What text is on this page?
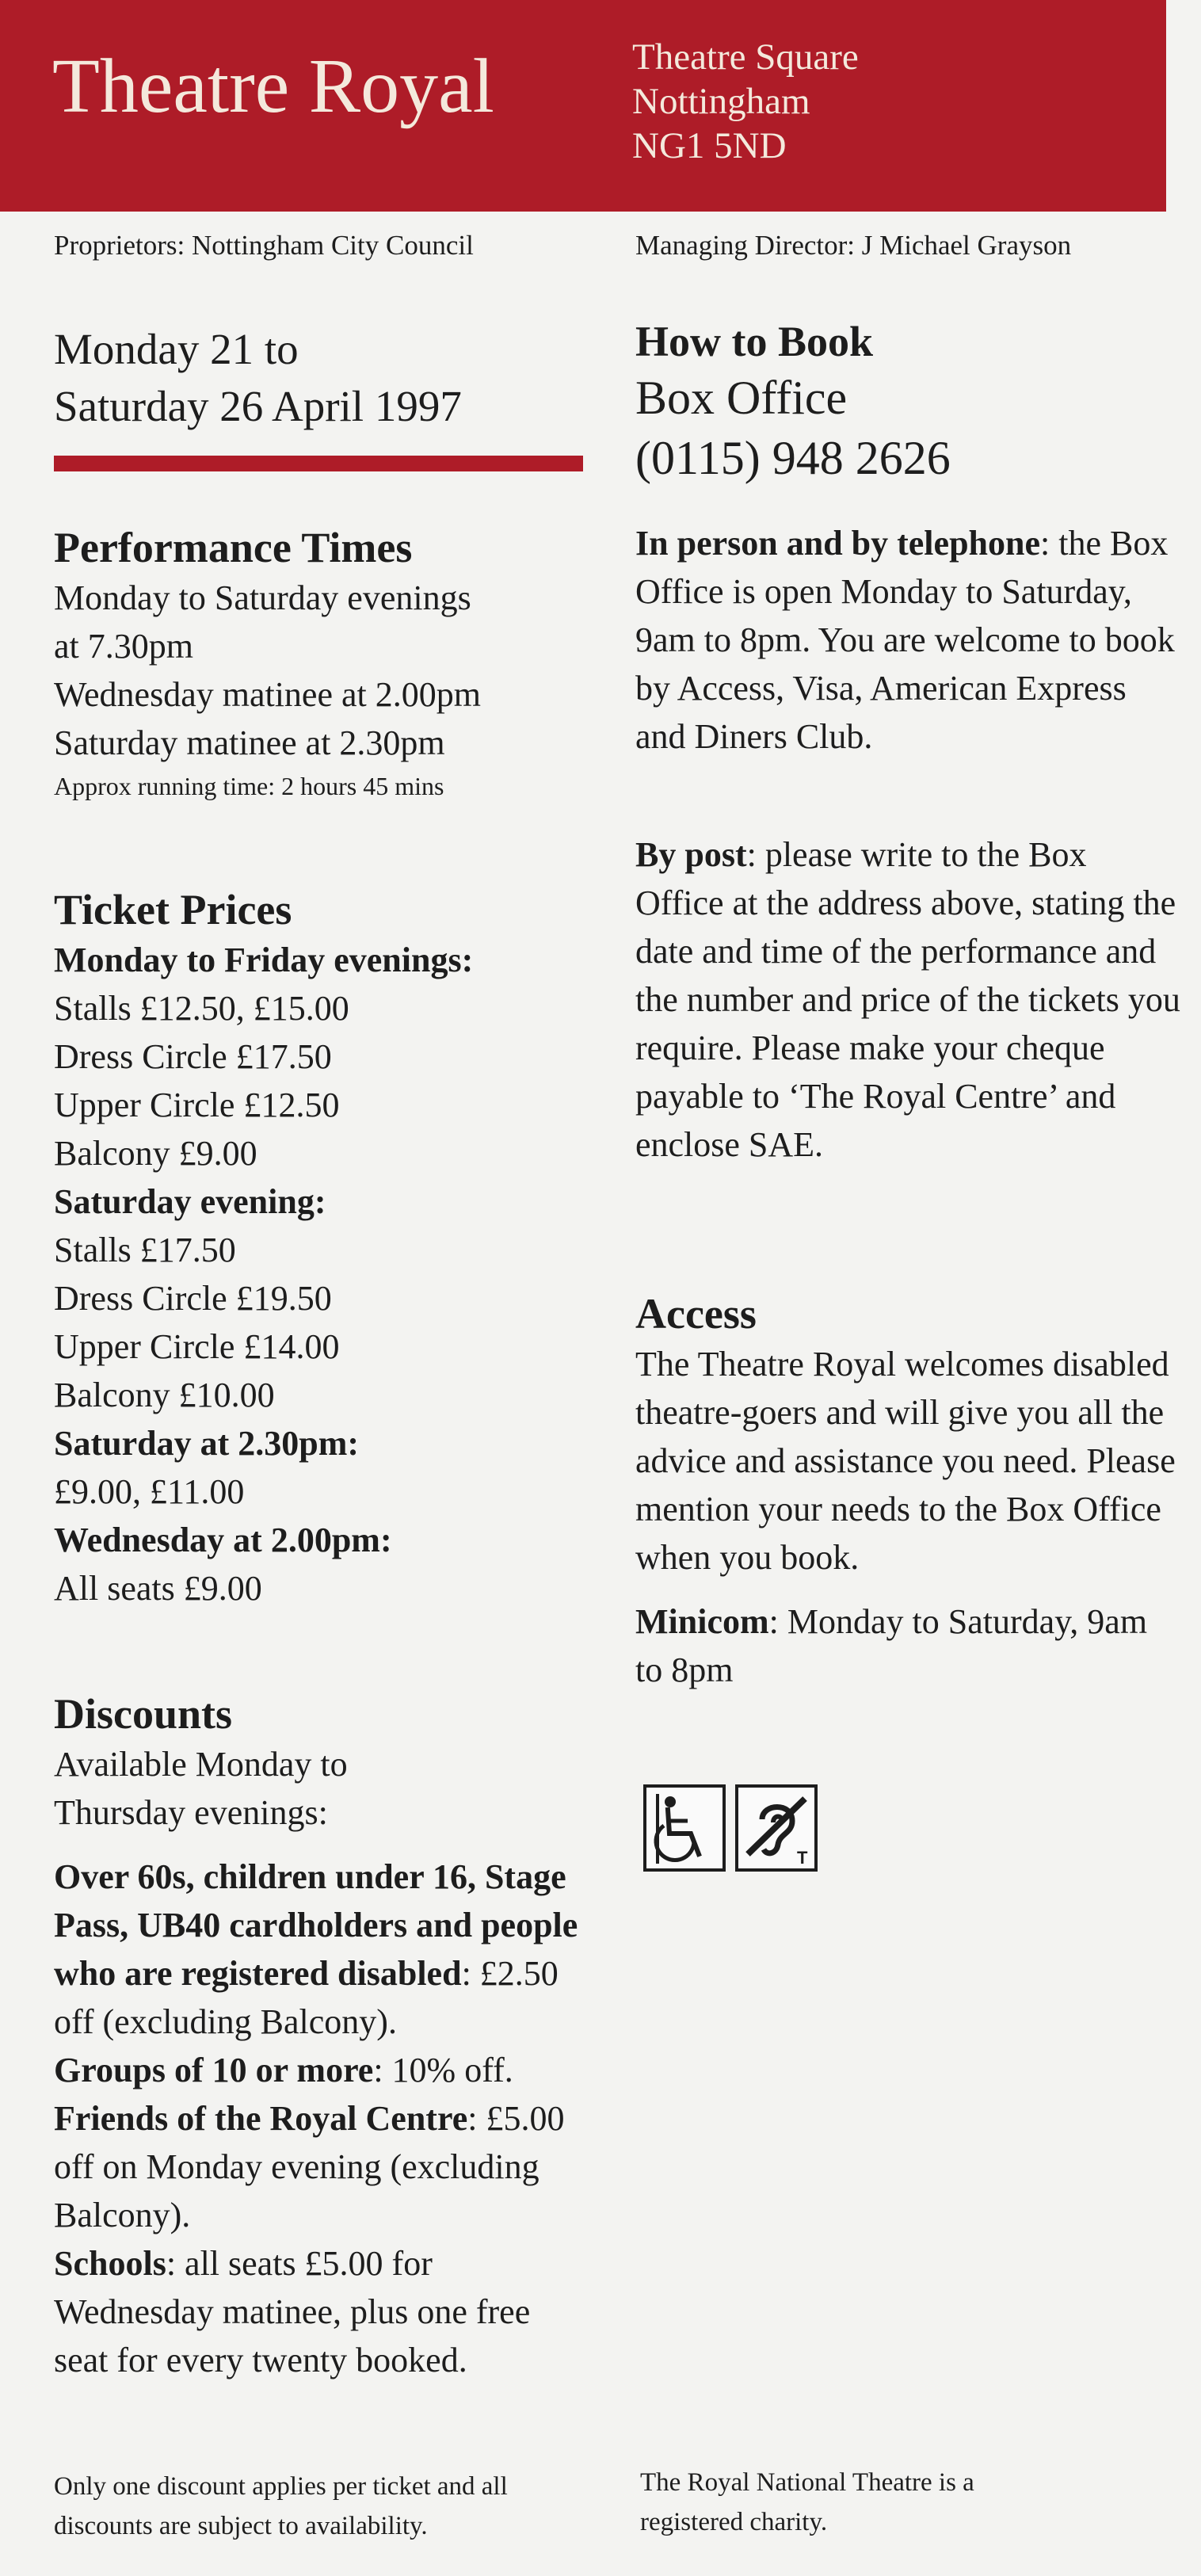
Theatre Royal	Theatre Square
Nottingham
NG1 5ND
Proprietors: Nottingham City Council
Monday 21 to
Saturday 26 April 1997
Performance Times
Monday to Saturday evenings
at 7.30pm
Wednesday matinee at 2.00pm
Saturday matinee at 2.30pm
Approx running time: 2 hours 45 mins
Ticket Prices
Monday to Friday evenings:
Stalls £12.50, £15.00
Dress Circle £17.50
Upper Circle £12.50
Balcony £9.00
Saturday evening:
Stalls £17.50
Dress Circle £19.50
Upper Circle £14.00
Balcony £10.00
Saturday at 2.30pm:
£9.00, £11.00
Wednesday at 2.00pm:
All seats £9.00
Discounts
Available Monday to
Thursday evenings:
Over 60s, children under 16, Stage Pass, UB40 cardholders and people who are registered disabled: £2.50 off (excluding Balcony).
Groups of 10 or more: 10% off.
Friends of the Royal Centre: £5.00 off on Monday evening (excluding Balcony).
Schools: all seats £5.00 for Wednesday matinee, plus one free seat for every twenty booked.
Only one discount applies per ticket and all discounts are subject to availability.
Managing Director: J Michael Grayson
How to Book
Box Office
(0115) 948 2626
In person and by telephone: the Box Office is open Monday to Saturday, 9am to 8pm. You are welcome to book by Access, Visa, American Express and Diners Club.
By post: please write to the Box Office at the address above, stating the date and time of the performance and the number and price of the tickets you require. Please make your cheque payable to ‘The Royal Centre’ and enclose SAE.
Access
The Theatre Royal welcomes disabled theatre-goers and will give you all the advice and assistance you need. Please mention your needs to the Box Office when you book.
Minicom: Monday to Saturday, 9am to 8pm
T
The Royal National Theatre is a registered charity.
